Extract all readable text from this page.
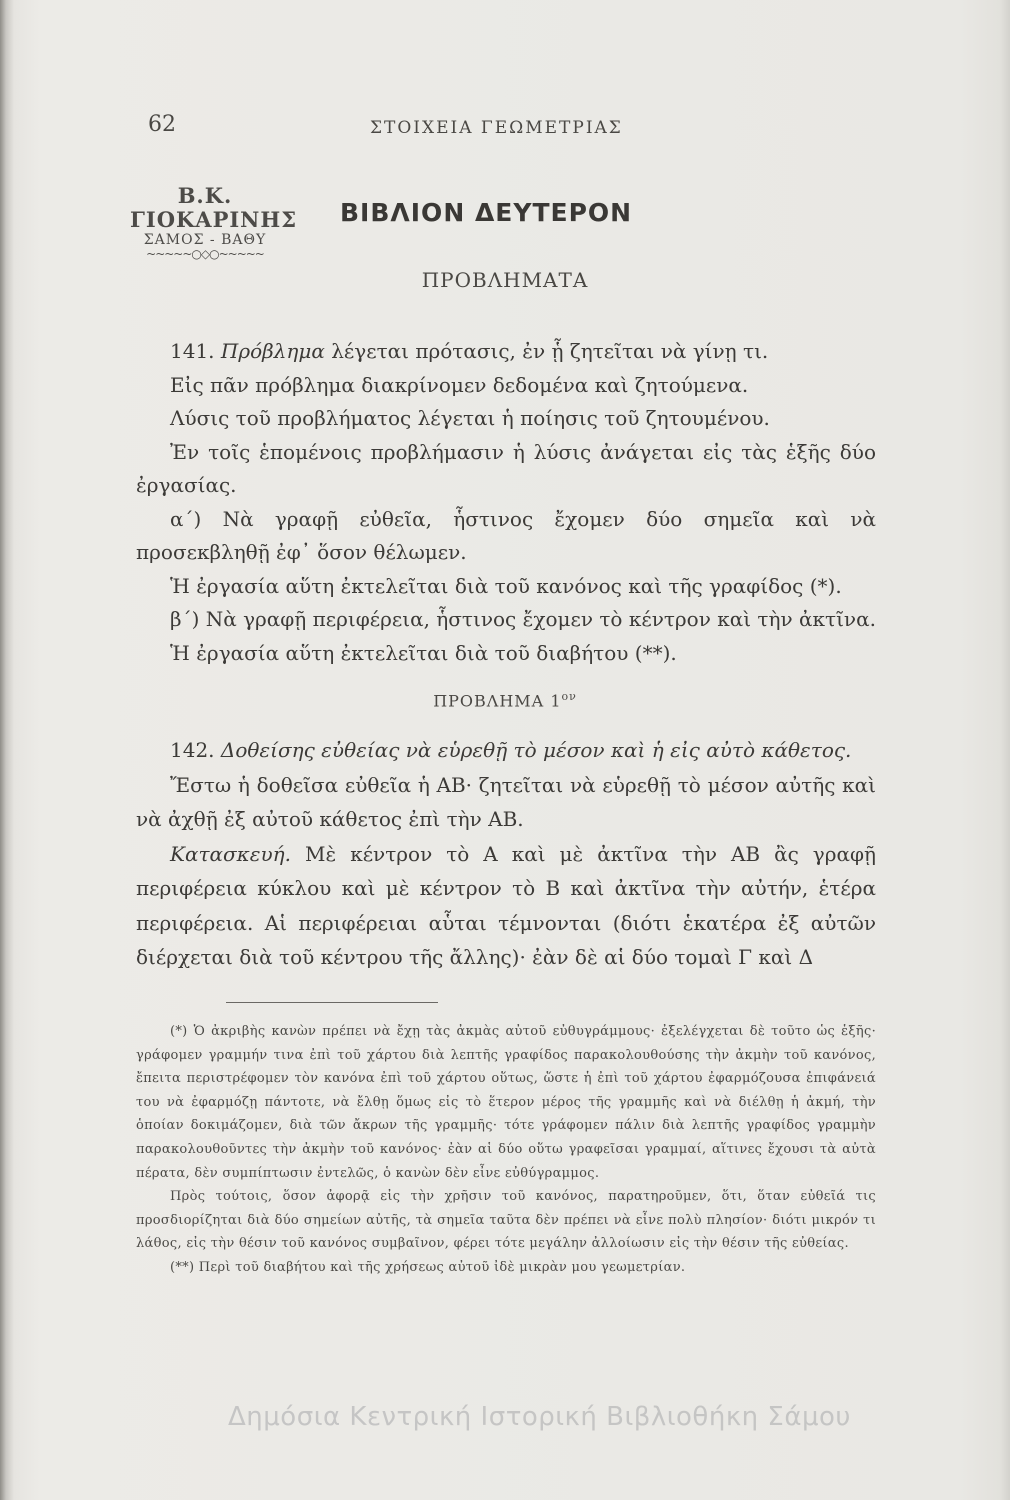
62	ΣΤΟΙΧΕΙΑ ΓΕΩΜΕΤΡΙΑΣ
Β.Κ. ΓΙΟΚΑΡΙΝΗΣ
ΣΑΜΟΣ - ΒΑΘΥ
~~~~~○◇○~~~~~
ΒΙΒΛΙΟΝ ΔΕΥΤΕΡΟΝ
ΠΡΟΒΛΗΜΑΤΑ

141. Πρόβλημα λέγεται πρότασις, ἐν ᾗ ζητεῖται νὰ γίνῃ τι.

Εἰς πᾶν πρόβλημα διακρίνομεν δεδομένα καὶ ζητούμενα.

Λύσις τοῦ προβλήματος λέγεται ἡ ποίησις τοῦ ζητουμένου.

Ἐν τοῖς ἑπομένοις προβλήμασιν ἡ λύσις ἀνάγεται εἰς τὰς ἑξῆς δύο ἐργασίας.

α΄) Νὰ γραφῇ εὐθεῖα, ἧστινος ἔχομεν δύο σημεῖα καὶ νὰ προσεκβληθῇ ἐφ᾽ ὅσον θέλωμεν.

Ἡ ἐργασία αὕτη ἐκτελεῖται διὰ τοῦ κανόνος καὶ τῆς γραφίδος (*).

β΄) Νὰ γραφῇ περιφέρεια, ἧστινος ἔχομεν τὸ κέντρον καὶ τὴν ἀκτῖνα.

Ἡ ἐργασία αὕτη ἐκτελεῖται διὰ τοῦ διαβήτου (**).

ΠΡΟΒΛΗΜΑ $1^{o\nu}$

142. Δοθείσης εὐθείας νὰ εὑρεθῇ τὸ μέσον καὶ ἡ εἰς αὐτὸ κάθετος.

Ἔστω ἡ δοθεῖσα εὐθεῖα ἡ ΑΒ· ζητεῖται νὰ εὑρεθῇ τὸ μέσον αὐτῆς καὶ νὰ ἀχθῇ ἐξ αὐτοῦ κάθετος ἐπὶ τὴν ΑΒ.

Κατασκευή. Μὲ κέντρον τὸ Α καὶ μὲ ἀκτῖνα τὴν ΑΒ ἂς γραφῇ περιφέρεια κύκλου καὶ μὲ κέντρον τὸ Β καὶ ἀκτῖνα τὴν αὐτήν, ἑτέρα περιφέρεια. Αἱ περιφέρειαι αὗται τέμνονται (διότι ἑκατέρα ἐξ αὐτῶν διέρχεται διὰ τοῦ κέντρου τῆς ἄλλης)· ἐὰν δὲ αἱ δύο τομαὶ Γ καὶ Δ

(*) Ὁ ἀκριβὴς κανὼν πρέπει νὰ ἔχῃ τὰς ἀκμὰς αὐτοῦ εὐθυγράμμους· ἐξελέγχεται δὲ τοῦτο ὡς ἑξῆς· γράφομεν γραμμήν τινα ἐπὶ τοῦ χάρτου διὰ λεπτῆς γραφίδος παρακολουθούσης τὴν ἀκμὴν τοῦ κανόνος, ἔπειτα περιστρέφομεν τὸν κανόνα ἐπὶ τοῦ χάρτου οὕτως, ὥστε ἡ ἐπὶ τοῦ χάρτου ἐφαρμόζουσα ἐπιφάνειά του νὰ ἐφαρμόζῃ πάντοτε, νὰ ἔλθῃ ὅμως εἰς τὸ ἕτερον μέρος τῆς γραμμῆς καὶ νὰ διέλθῃ ἡ ἀκμή, τὴν ὁποίαν δοκιμάζομεν, διὰ τῶν ἄκρων τῆς γραμμῆς· τότε γράφομεν πάλιν διὰ λεπτῆς γραφίδος γραμμὴν παρακολουθοῦντες τὴν ἀκμὴν τοῦ κανόνος· ἐὰν αἱ δύο οὕτω γραφεῖσαι γραμμαί, αἵτινες ἔχουσι τὰ αὐτὰ πέρατα, δὲν συμπίπτωσιν ἐντελῶς, ὁ κανὼν δὲν εἶνε εὐθύγραμμος.

Πρὸς τούτοις, ὅσον ἀφορᾷ εἰς τὴν χρῆσιν τοῦ κανόνος, παρατηροῦμεν, ὅτι, ὅταν εὐθεῖά τις προσδιορίζηται διὰ δύο σημείων αὐτῆς, τὰ σημεῖα ταῦτα δὲν πρέπει νὰ εἶνε πολὺ πλησίον· διότι μικρόν τι λάθος, εἰς τὴν θέσιν τοῦ κανόνος συμβαῖνον, φέρει τότε μεγάλην ἀλλοίωσιν εἰς τὴν θέσιν τῆς εὐθείας.

(**) Περὶ τοῦ διαβήτου καὶ τῆς χρήσεως αὐτοῦ ἰδὲ μικρὰν μου γεωμετρίαν.

Δημόσια Κεντρική Ιστορική Βιβλιοθήκη Σάμου
